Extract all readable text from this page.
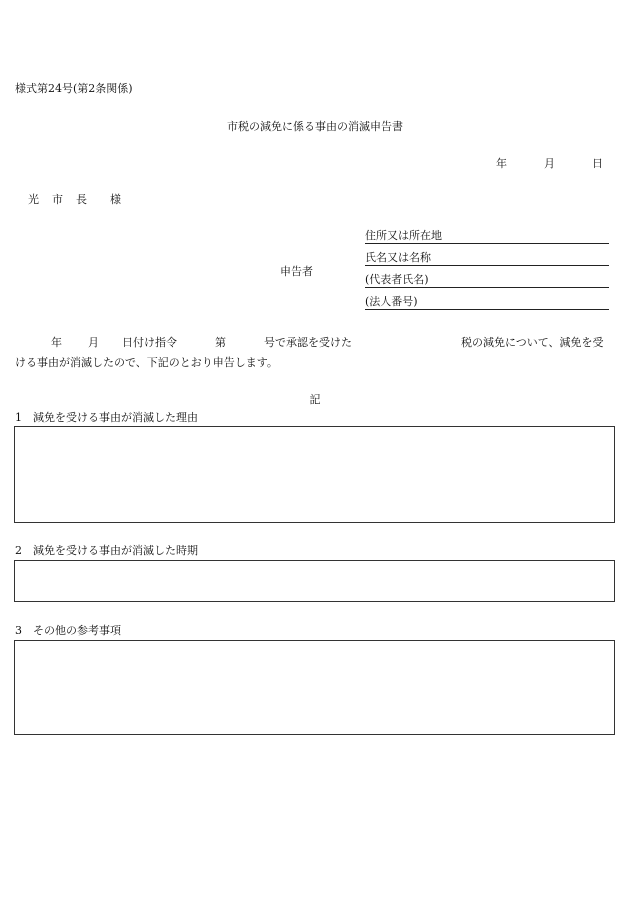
様式第24号(第2条関係)
市税の減免に係る事由の消滅申告書
年	月	日
光 市 長 様
申告者
住所又は所在地
氏名又は名称
(代表者氏名)
(法人番号)
年 月 日付け指令	第	号で承認を受けた	税の減免について、減免を受
ける事由が消滅したので、下記のとおり申告します。
記
1　減免を受ける事由が消滅した理由
2　減免を受ける事由が消滅した時期
3　その他の参考事項
